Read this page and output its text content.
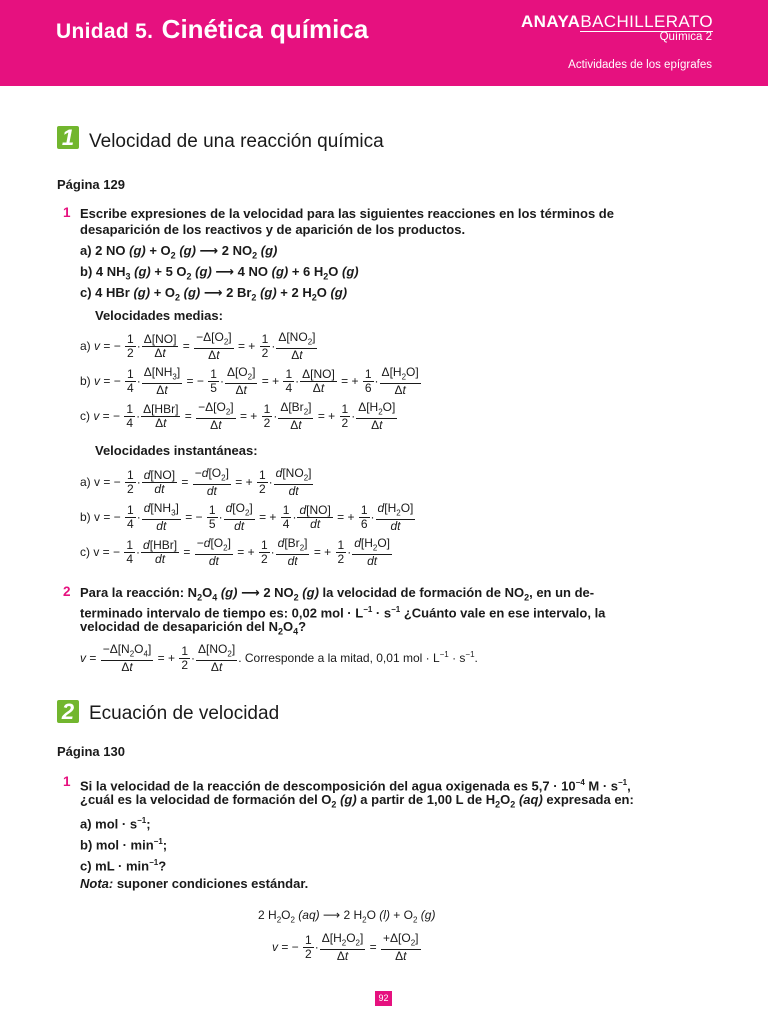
Unidad 5. Cinética química	ANAYABACHILLERATO
Química 2
Actividades de los epígrafes
1 Velocidad de una reacción química
Página 129
1 Escribe expresiones de la velocidad para las siguientes reacciones en los términos de
desaparición de los reactivos y de aparición de los productos.
a) 2 NO $(g) + O_2$ (g) ⟶ 2 $NO_2$ (g)
b) 4 $NH_3$ (g) + 5 $O_2$ (g) ⟶ 4 NO (g) + 6 $H_2O$ (g)
c) 4 HBr $(g) + O_2$ (g) ⟶ 2 $Br_2$ (g) + 2 $H_2O$ (g)
Velocidades medias:
a) v = − $\frac{1}{2} \cdot \frac{\Delta[NO]}{\Delta t} = \frac{-\Delta[O_2]}{\Delta t}$ = + $\frac{1}{2} \cdot \frac{\Delta[NO_2]}{\Delta t}$
b) v = − $\frac{1}{4} \cdot \frac{\Delta[NH_3]}{\Delta t}$ = − $\frac{1}{5} \cdot \frac{\Delta[O_2]}{\Delta t}$ = + $\frac{1}{4} \cdot \frac{\Delta[NO]}{\Delta t}$ = + $\frac{1}{6} \cdot \frac{\Delta[H_2O]}{\Delta t}$
c) v = − $\frac{1}{4} \cdot \frac{\text{Δ[HBr]}}{\Delta t} = \frac{-\Delta[O_2]}{\Delta t}$ = + $\frac{1}{2} \cdot \frac{\Delta[Br_2]}{\Delta t}$ = + $\frac{1}{2} \cdot \frac{\Delta[H_2O]}{\Delta t}$
Velocidades instantáneas:
a) v = − $\frac{1}{2} \cdot \frac{d[NO]}{dt} = \frac{-d[O_2]}{dt}$ = + $\frac{1}{2} \cdot \frac{d[NO_2]}{dt}$
b) v = − $\frac{1}{4} \cdot \frac{d[NH_3]}{dt}$ = − $\frac{1}{5} \cdot \frac{d[O_2]}{dt}$ = + $\frac{1}{4} \cdot \frac{d[NO]}{dt}$ = + $\frac{1}{6} \cdot \frac{d[H_2O]}{dt}$
c) v = − $\frac{1}{4} \cdot \frac{\text{d[HBr]}}{dt} = \frac{-d[O_2]}{dt}$ = + $\frac{1}{2} \cdot \frac{d[Br_2]}{dt}$ = + $\frac{1}{2} \cdot \frac{d[H_2O]}{dt}$
2 Para la reacción: $N_2O_4$ (g) ⟶ 2 $NO_2$ (g) la velocidad de formación de $NO_2$, en un de-
terminado intervalo de tiempo es: 0,02 mol · $L^{-1} \cdot s^{-1}$ ¿Cuánto vale en ese intervalo, la
velocidad de desaparición del $N_2O_4$?
$v = \frac{-\Delta[N_2O_4]}{\Delta t}$ = + $\frac{1}{2} \cdot \frac{\Delta[NO_2]}{\Delta t}$ . Corresponde a la mitad, 0,01 mol · $L^{-1} \cdot s^{-1}$.
2 Ecuación de velocidad
Página 130
1 Si la velocidad de la reacción de descomposición del agua oxigenada es $5,7 \cdot 10^{-4}$ $M \cdot s^{-1}$,
¿cuál es la velocidad de formación del $O_2$ (g) a partir de 1,00 L de $H_2O_2$ (aq) expresada en:
a) mol · $s^{-1}$;
b) mol · $\min^{-1}$;
c) mL · $\min^{-1}$?
Nota: suponer condiciones estándar.
2 $H_2O_2$ (aq) ⟶ 2 $H_2O$ $(l) + O_2$ (g)
v = − $\frac{1}{2} \cdot \frac{\Delta[H_2O_2]}{\Delta t} = \frac{+\Delta[O_2]}{\Delta t}$
92
